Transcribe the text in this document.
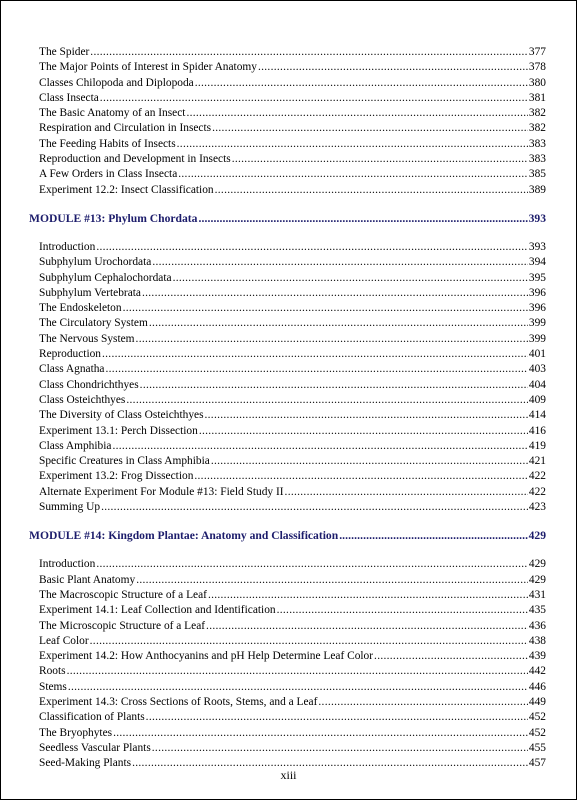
The Spider .....	377
The Major Points of Interest in Spider Anatomy .....	378
Classes Chilopoda and Diplopoda .....	380
Class Insecta .....	381
The Basic Anatomy of an Insect .....	382
Respiration and Circulation in Insects .....	382
The Feeding Habits of Insects .....	383
Reproduction and Development in Insects .....	383
A Few Orders in Class Insecta .....	385
Experiment 12.2: Insect Classification .....	389
MODULE #13: Phylum Chordata .....	393
Introduction .....	393
Subphylum Urochordata .....	394
Subphylum Cephalochordata .....	395
Subphylum Vertebrata .....	396
The Endoskeleton .....	396
The Circulatory System .....	399
The Nervous System .....	399
Reproduction .....	401
Class Agnatha .....	403
Class Chondrichthyes .....	404
Class Osteichthyes .....	409
The Diversity of Class Osteichthyes .....	414
Experiment 13.1: Perch Dissection .....	416
Class Amphibia .....	419
Specific Creatures in Class Amphibia .....	421
Experiment 13.2: Frog Dissection .....	422
Alternate Experiment For Module #13: Field Study II .....	422
Summing Up .....	423
MODULE #14: Kingdom Plantae: Anatomy and Classification .....	429
Introduction .....	429
Basic Plant Anatomy .....	429
The Macroscopic Structure of a Leaf .....	431
Experiment 14.1: Leaf Collection and Identification .....	435
The Microscopic Structure of a Leaf .....	436
Leaf Color .....	438
Experiment 14.2: How Anthocyanins and pH Help Determine Leaf Color .....	439
Roots .....	442
Stems .....	446
Experiment 14.3: Cross Sections of Roots, Stems, and a Leaf .....	449
Classification of Plants .....	452
The Bryophytes .....	452
Seedless Vascular Plants .....	455
Seed-Making Plants .....	457
xiii
